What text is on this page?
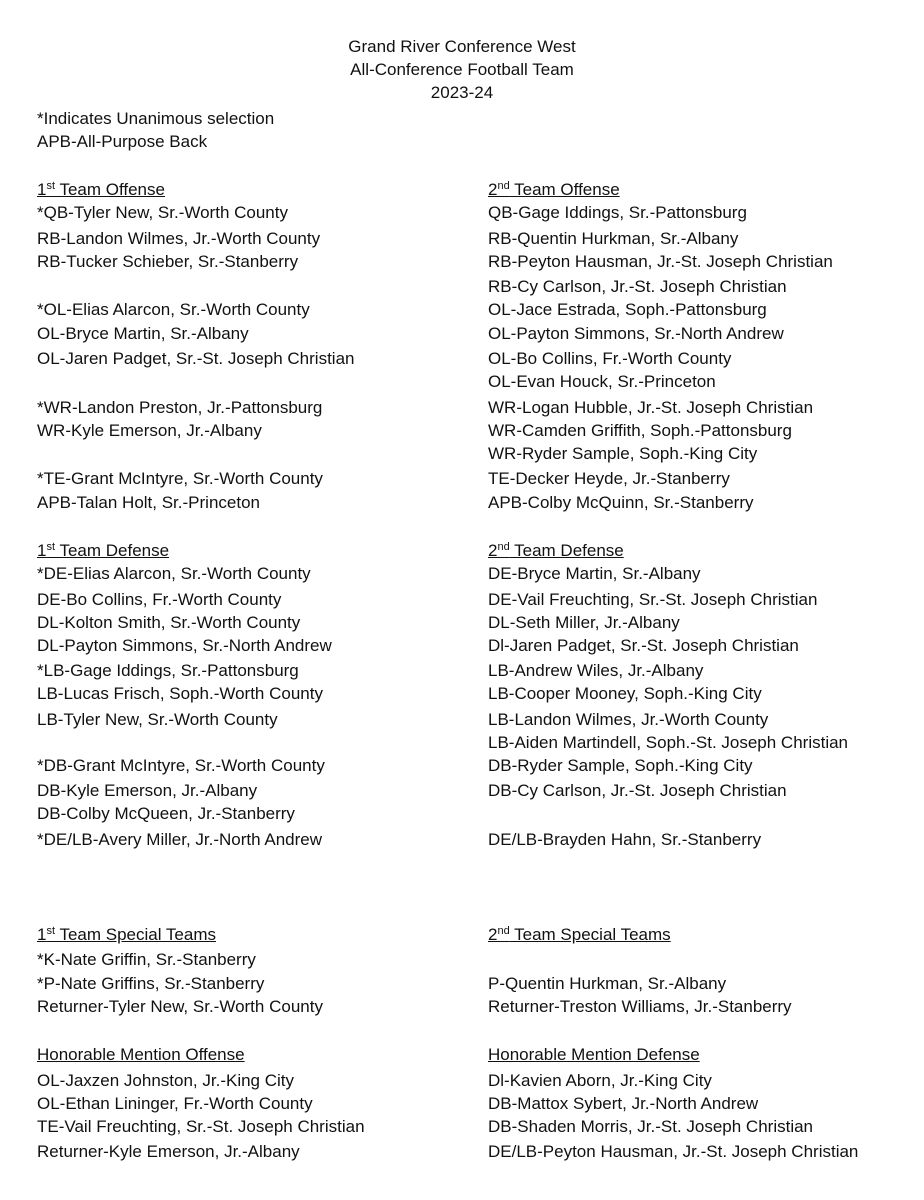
Grand River Conference West
All-Conference Football Team
2023-24
*Indicates Unanimous selection
APB-All-Purpose Back
1st Team Offense	2nd Team Offense
1st Team Defense	2nd Team Defense
1st Team Special Teams	2nd Team Special Teams
Honorable Mention Offense	Honorable Mention Defense
*QB-Tyler New, Sr.-Worth County
RB-Landon Wilmes, Jr.-Worth County
RB-Tucker Schieber, Sr.-Stanberry
*OL-Elias Alarcon, Sr.-Worth County
OL-Bryce Martin, Sr.-Albany
OL-Jaren Padget, Sr.-St. Joseph Christian
*WR-Landon Preston, Jr.-Pattonsburg
WR-Kyle Emerson, Jr.-Albany
*TE-Grant McIntyre, Sr.-Worth County
APB-Talan Holt, Sr.-Princeton
*DE-Elias Alarcon, Sr.-Worth County
DE-Bo Collins, Fr.-Worth County
DL-Kolton Smith, Sr.-Worth County
DL-Payton Simmons, Sr.-North Andrew
*LB-Gage Iddings, Sr.-Pattonsburg
LB-Lucas Frisch, Soph.-Worth County
LB-Tyler New, Sr.-Worth County
*DB-Grant McIntyre, Sr.-Worth County
DB-Kyle Emerson, Jr.-Albany
DB-Colby McQueen, Jr.-Stanberry
*DE/LB-Avery Miller, Jr.-North Andrew
*K-Nate Griffin, Sr.-Stanberry
*P-Nate Griffins, Sr.-Stanberry
Returner-Tyler New, Sr.-Worth County
OL-Jaxzen Johnston, Jr.-King City
OL-Ethan Lininger, Fr.-Worth County
TE-Vail Freuchting, Sr.-St. Joseph Christian
Returner-Kyle Emerson, Jr.-Albany
QB-Gage Iddings, Sr.-Pattonsburg
RB-Quentin Hurkman, Sr.-Albany
RB-Peyton Hausman, Jr.-St. Joseph Christian
RB-Cy Carlson, Jr.-St. Joseph Christian
OL-Jace Estrada, Soph.-Pattonsburg
OL-Payton Simmons, Sr.-North Andrew
OL-Bo Collins, Fr.-Worth County
OL-Evan Houck, Sr.-Princeton
WR-Logan Hubble, Jr.-St. Joseph Christian
WR-Camden Griffith, Soph.-Pattonsburg
WR-Ryder Sample, Soph.-King City
TE-Decker Heyde, Jr.-Stanberry
APB-Colby McQuinn, Sr.-Stanberry
DE-Bryce Martin, Sr.-Albany
DE-Vail Freuchting, Sr.-St. Joseph Christian
DL-Seth Miller, Jr.-Albany
Dl-Jaren Padget, Sr.-St. Joseph Christian
LB-Andrew Wiles, Jr.-Albany
LB-Cooper Mooney, Soph.-King City
LB-Landon Wilmes, Jr.-Worth County
LB-Aiden Martindell, Soph.-St. Joseph Christian
DB-Ryder Sample, Soph.-King City
DB-Cy Carlson, Jr.-St. Joseph Christian
DE/LB-Brayden Hahn, Sr.-Stanberry
P-Quentin Hurkman, Sr.-Albany
Returner-Treston Williams, Jr.-Stanberry
Dl-Kavien Aborn, Jr.-King City
DB-Mattox Sybert, Jr.-North Andrew
DB-Shaden Morris, Jr.-St. Joseph Christian
DE/LB-Peyton Hausman, Jr.-St. Joseph Christian
